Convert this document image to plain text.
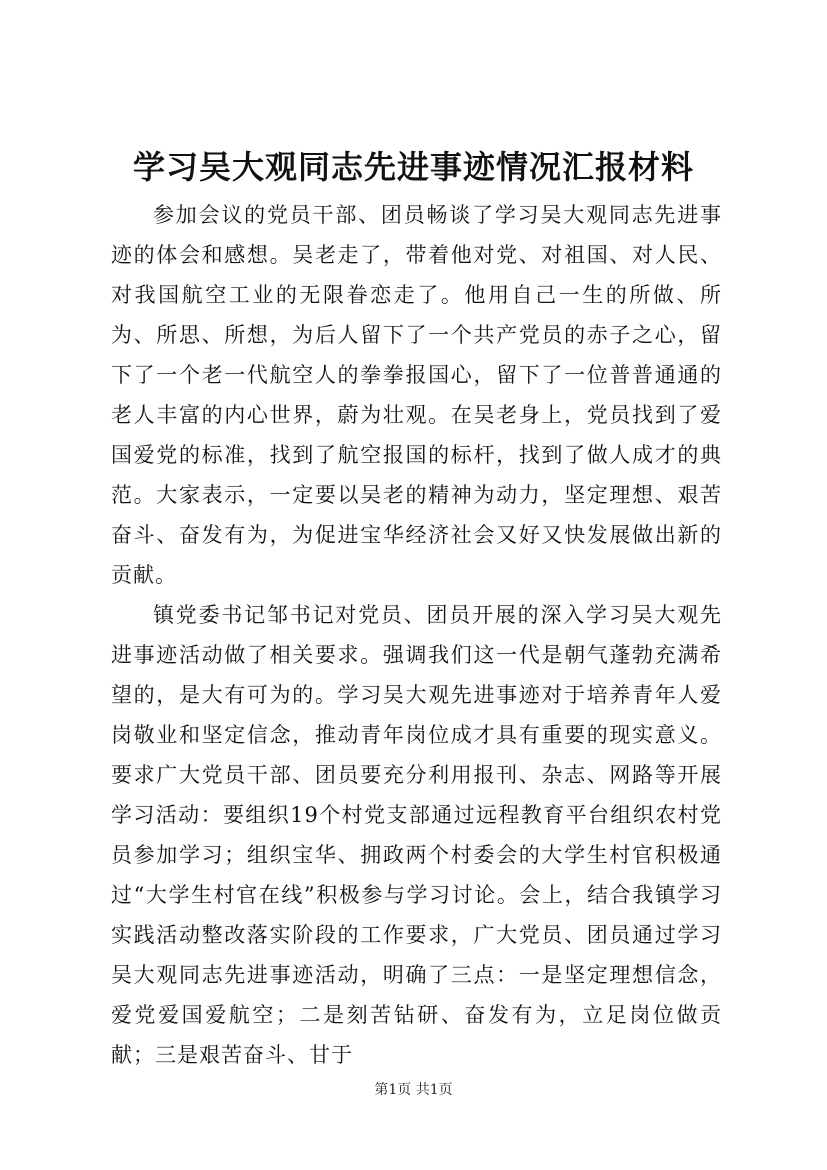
学习吴大观同志先进事迹情况汇报材料

参加会议的党员干部、团员畅谈了学习吴大观同志先进事迹的体会和感想。吴老走了，带着他对党、对祖国、对人民、对我国航空工业的无限眷恋走了。他用自己一生的所做、所为、所思、所想，为后人留下了一个共产党员的赤子之心，留下了一个老一代航空人的拳拳报国心，留下了一位普普通通的老人丰富的内心世界，蔚为壮观。在吴老身上，党员找到了爱国爱党的标准，找到了航空报国的标杆，找到了做人成才的典范。大家表示，一定要以吴老的精神为动力，坚定理想、艰苦奋斗、奋发有为，为促进宝华经济社会又好又快发展做出新的贡献。

镇党委书记邹书记对党员、团员开展的深入学习吴大观先进事迹活动做了相关要求。强调我们这一代是朝气蓬勃充满希望的，是大有可为的。学习吴大观先进事迹对于培养青年人爱岗敬业和坚定信念，推动青年岗位成才具有重要的现实意义。要求广大党员干部、团员要充分利用报刊、杂志、网路等开展学习活动：要组织19个村党支部通过远程教育平台组织农村党员参加学习；组织宝华、拥政两个村委会的大学生村官积极通过“大学生村官在线”积极参与学习讨论。会上，结合我镇学习实践活动整改落实阶段的工作要求，广大党员、团员通过学习吴大观同志先进事迹活动，明确了三点：一是坚定理想信念，爱党爱国爱航空；二是刻苦钻研、奋发有为，立足岗位做贡献；三是艰苦奋斗、甘于

第1页 共1页
